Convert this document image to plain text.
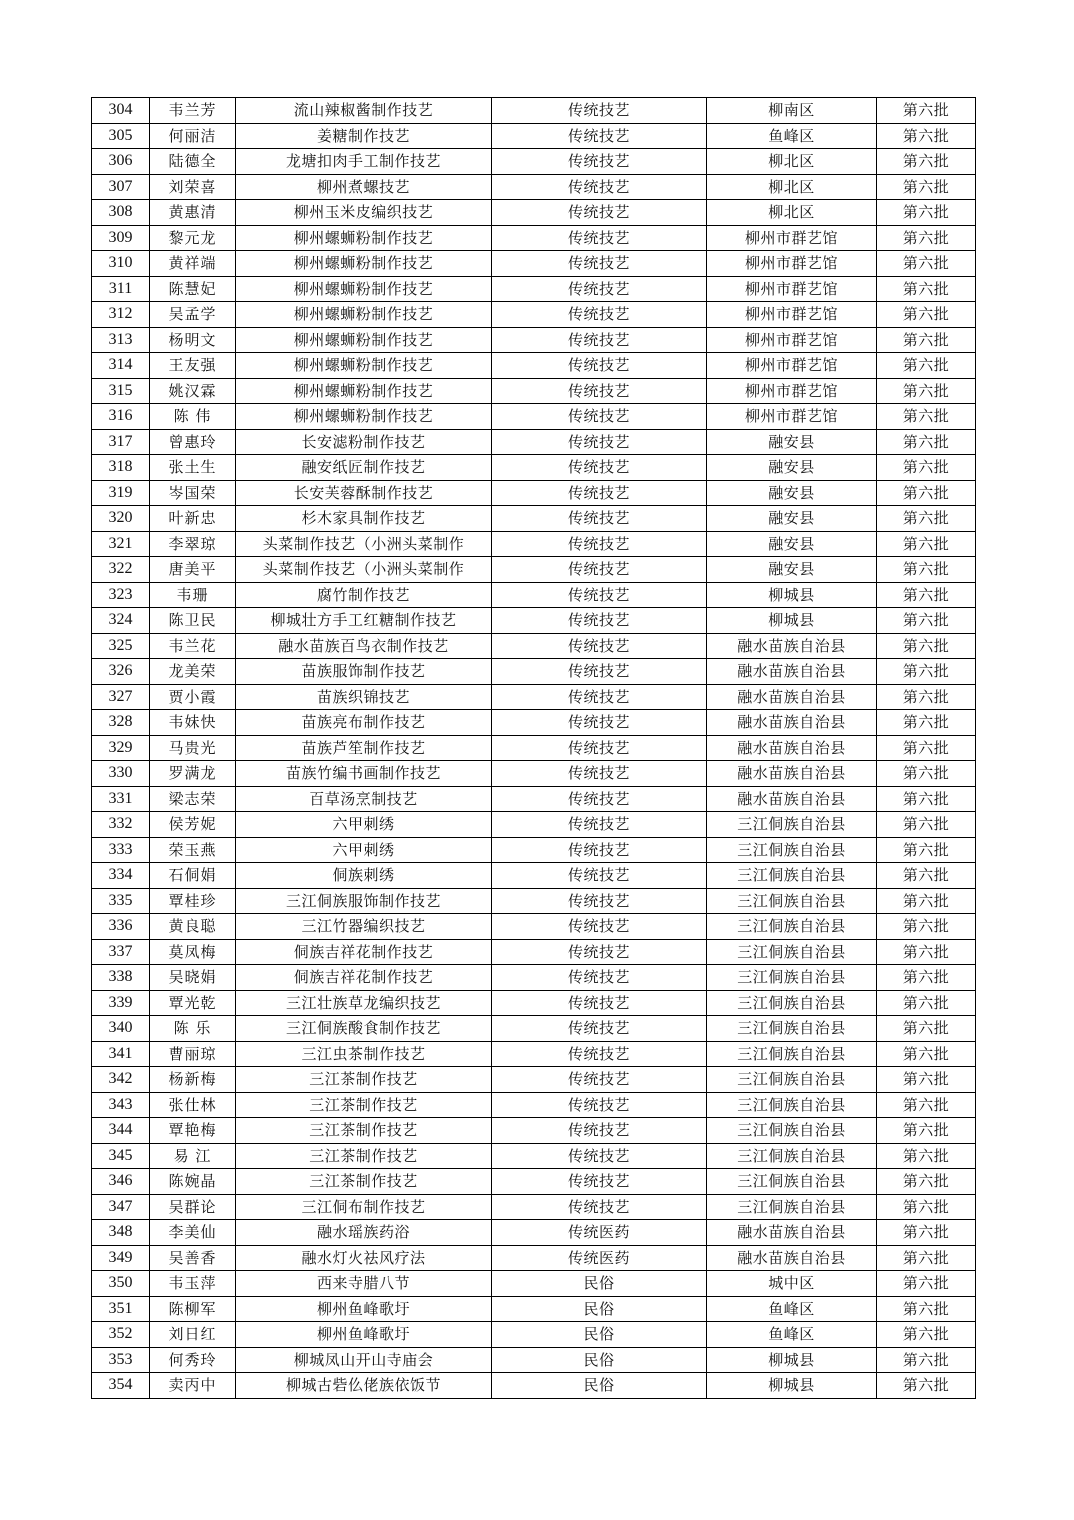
304	韦兰芳	流山辣椒酱制作技艺	传统技艺	柳南区	第六批
305	何丽洁	姜糖制作技艺	传统技艺	鱼峰区	第六批
306	陆德全	龙塘扣肉手工制作技艺	传统技艺	柳北区	第六批
307	刘荣喜	柳州煮螺技艺	传统技艺	柳北区	第六批
308	黄惠清	柳州玉米皮编织技艺	传统技艺	柳北区	第六批
309	黎元龙	柳州螺蛳粉制作技艺	传统技艺	柳州市群艺馆	第六批
310	黄祥端	柳州螺蛳粉制作技艺	传统技艺	柳州市群艺馆	第六批
311	陈慧妃	柳州螺蛳粉制作技艺	传统技艺	柳州市群艺馆	第六批
312	吴孟学	柳州螺蛳粉制作技艺	传统技艺	柳州市群艺馆	第六批
313	杨明文	柳州螺蛳粉制作技艺	传统技艺	柳州市群艺馆	第六批
314	王友强	柳州螺蛳粉制作技艺	传统技艺	柳州市群艺馆	第六批
315	姚汉霖	柳州螺蛳粉制作技艺	传统技艺	柳州市群艺馆	第六批
316	陈 伟	柳州螺蛳粉制作技艺	传统技艺	柳州市群艺馆	第六批
317	曾惠玲	长安滤粉制作技艺	传统技艺	融安县	第六批
318	张土生	融安纸匠制作技艺	传统技艺	融安县	第六批
319	岑国荣	长安芙蓉酥制作技艺	传统技艺	融安县	第六批
320	叶新忠	杉木家具制作技艺	传统技艺	融安县	第六批
321	李翠琼	头菜制作技艺（小洲头菜制作	传统技艺	融安县	第六批
322	唐美平	头菜制作技艺（小洲头菜制作	传统技艺	融安县	第六批
323	韦珊	腐竹制作技艺	传统技艺	柳城县	第六批
324	陈卫民	柳城壮方手工红糖制作技艺	传统技艺	柳城县	第六批
325	韦兰花	融水苗族百鸟衣制作技艺	传统技艺	融水苗族自治县	第六批
326	龙美荣	苗族服饰制作技艺	传统技艺	融水苗族自治县	第六批
327	贾小霞	苗族织锦技艺	传统技艺	融水苗族自治县	第六批
328	韦妹快	苗族亮布制作技艺	传统技艺	融水苗族自治县	第六批
329	马贵光	苗族芦笙制作技艺	传统技艺	融水苗族自治县	第六批
330	罗满龙	苗族竹编书画制作技艺	传统技艺	融水苗族自治县	第六批
331	梁志荣	百草汤烹制技艺	传统技艺	融水苗族自治县	第六批
332	侯芳妮	六甲刺绣	传统技艺	三江侗族自治县	第六批
333	荣玉燕	六甲刺绣	传统技艺	三江侗族自治县	第六批
334	石侗娟	侗族刺绣	传统技艺	三江侗族自治县	第六批
335	覃桂珍	三江侗族服饰制作技艺	传统技艺	三江侗族自治县	第六批
336	黄良聪	三江竹器编织技艺	传统技艺	三江侗族自治县	第六批
337	莫凤梅	侗族吉祥花制作技艺	传统技艺	三江侗族自治县	第六批
338	吴晓娟	侗族吉祥花制作技艺	传统技艺	三江侗族自治县	第六批
339	覃光乾	三江壮族草龙编织技艺	传统技艺	三江侗族自治县	第六批
340	陈 乐	三江侗族酸食制作技艺	传统技艺	三江侗族自治县	第六批
341	曹丽琼	三江虫茶制作技艺	传统技艺	三江侗族自治县	第六批
342	杨新梅	三江茶制作技艺	传统技艺	三江侗族自治县	第六批
343	张仕林	三江茶制作技艺	传统技艺	三江侗族自治县	第六批
344	覃艳梅	三江茶制作技艺	传统技艺	三江侗族自治县	第六批
345	易 江	三江茶制作技艺	传统技艺	三江侗族自治县	第六批
346	陈婉晶	三江茶制作技艺	传统技艺	三江侗族自治县	第六批
347	吴群论	三江侗布制作技艺	传统技艺	三江侗族自治县	第六批
348	李美仙	融水瑶族药浴	传统医药	融水苗族自治县	第六批
349	吴善香	融水灯火祛风疗法	传统医药	融水苗族自治县	第六批
350	韦玉萍	西来寺腊八节	民俗	城中区	第六批
351	陈柳军	柳州鱼峰歌圩	民俗	鱼峰区	第六批
352	刘日红	柳州鱼峰歌圩	民俗	鱼峰区	第六批
353	何秀玲	柳城凤山开山寺庙会	民俗	柳城县	第六批
354	卖丙中	柳城古砦仫佬族依饭节	民俗	柳城县	第六批
